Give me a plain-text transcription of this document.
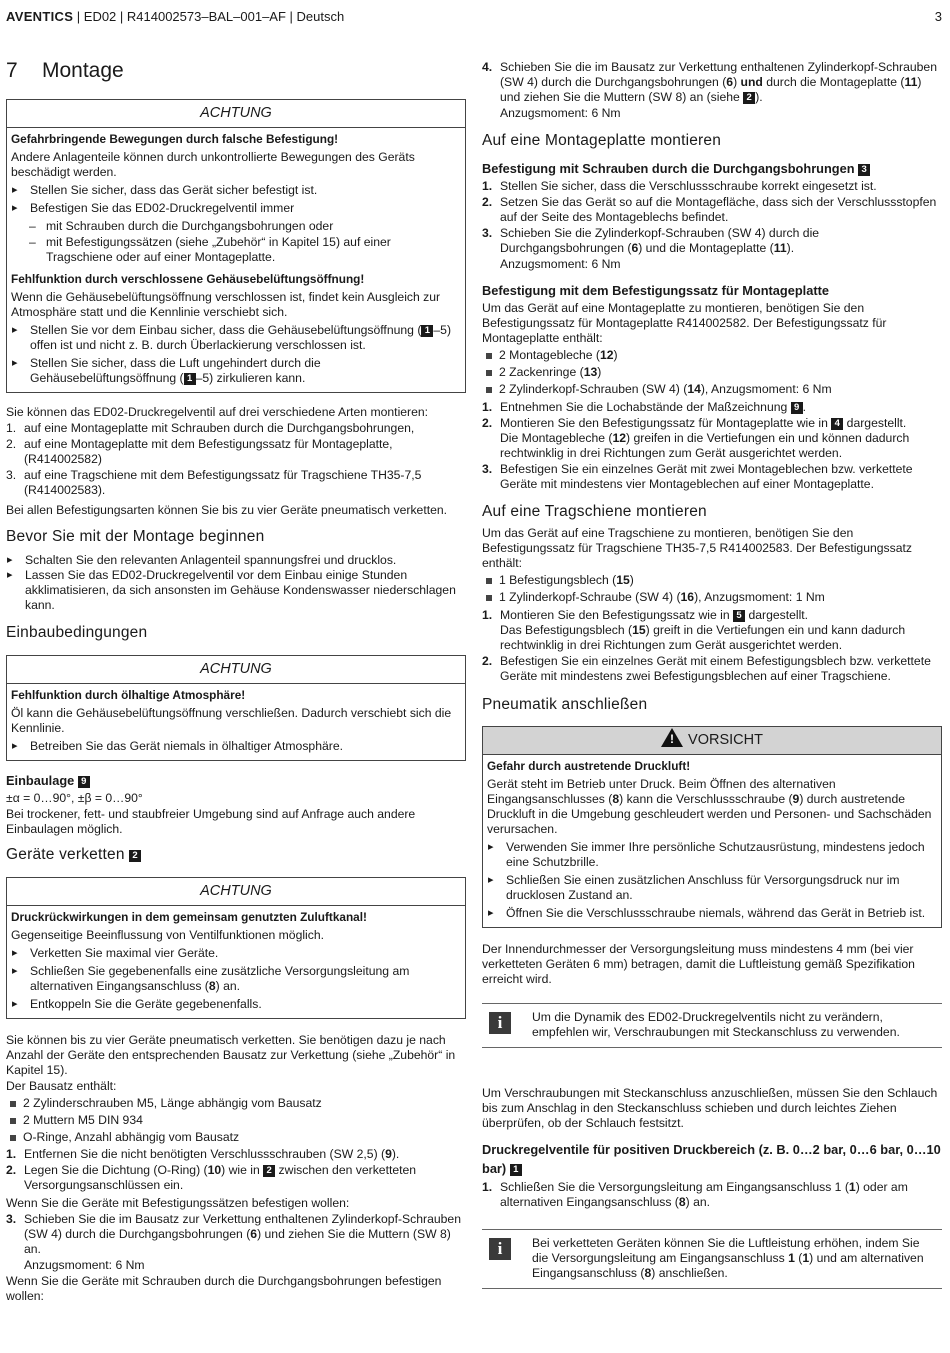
AVENTICS | ED02 | R414002573–BAL–001–AF | Deutsch	3
7 Montage
ACHTUNG

Gefahrbringende Bewegungen durch falsche Befestigung!

Andere Anlagenteile können durch unkontrollierte Bewegungen des Geräts beschädigt werden.

▸ Stellen Sie sicher, dass das Gerät sicher befestigt ist.
▸ Befestigen Sie das ED02-Druckregelventil immer
– mit Schrauben durch die Durchgangsbohrungen oder
– mit Befestigungssätzen (siehe „Zubehör“ in Kapitel 15) auf einer Tragschiene oder auf einer Montageplatte.

Fehlfunktion durch verschlossene Gehäusebelüftungsöffnung!

Wenn die Gehäusebelüftungsöffnung verschlossen ist, findet kein Ausgleich zur Atmosphäre statt und die Kennlinie verschiebt sich.

▸ Stellen Sie vor dem Einbau sicher, dass die Gehäusebelüftungsöffnung ( 1 –5) offen ist und nicht z. B. durch Überlackierung verschlossen ist.
▸ Stellen Sie sicher, dass die Luft ungehindert durch die Gehäusebelüftungsöffnung ( 1 –5) zirkulieren kann.

Sie können das ED02-Druckregelventil auf drei verschiedene Arten montieren:

1. auf eine Montageplatte mit Schrauben durch die Durchgangsbohrungen,
2. auf eine Montageplatte mit dem Befestigungssatz für Montageplatte, (R414002582)
3. auf eine Tragschiene mit dem Befestigungssatz für Tragschiene TH35-7,5 (R414002583).

Bei allen Befestigungsarten können Sie bis zu vier Geräte pneumatisch verketten.

Bevor Sie mit der Montage beginnen
▸ Schalten Sie den relevanten Anlagenteil spannungsfrei und drucklos.
▸ Lassen Sie das ED02-Druckregelventil vor dem Einbau einige Stunden akklimatisieren, da sich ansonsten im Gehäuse Kondenswasser niederschlagen kann.
Einbaubedingungen
ACHTUNG

Fehlfunktion durch ölhaltige Atmosphäre!

Öl kann die Gehäusebelüftungsöffnung verschließen. Dadurch verschiebt sich die Kennlinie.

▸ Betreiben Sie das Gerät niemals in ölhaltiger Atmosphäre.
Einbaulage 9

±α = 0…90°, ±β = 0…90°

Bei trockener, fett- und staubfreier Umgebung sind auf Anfrage auch andere Einbaulagen möglich.

Geräte verketten 2
ACHTUNG

Druckrückwirkungen in dem gemeinsam genutzten Zuluftkanal!

Gegenseitige Beeinflussung von Ventilfunktionen möglich.

▸ Verketten Sie maximal vier Geräte.
▸ Schließen Sie gegebenenfalls eine zusätzliche Versorgungsleitung am alternativen Eingangsanschluss (8) an.
▸ Entkoppeln Sie die Geräte gegebenenfalls.

Sie können bis zu vier Geräte pneumatisch verketten. Sie benötigen dazu je nach Anzahl der Geräte den entsprechenden Bausatz zur Verkettung (siehe „Zubehör“ in Kapitel 15).

Der Bausatz enthält:

2 Zylinderschrauben M5, Länge abhängig vom Bausatz
2 Muttern M5 DIN 934
O-Ringe, Anzahl abhängig vom Bausatz
1. Entfernen Sie die nicht benötigten Verschlussschrauben (SW 2,5) (9).
2. Legen Sie die Dichtung (O-Ring) (10) wie in 2 zwischen den verketteten Versorgungsanschlüssen ein.

Wenn Sie die Geräte mit Befestigungssätzen befestigen wollen:

3. Schieben Sie die im Bausatz zur Verkettung enthaltenen Zylinderkopf-Schrauben (SW 4) durch die Durchgangsbohrungen (6) und ziehen Sie die Muttern (SW 8) an.
Anzugsmoment: 6 Nm

Wenn Sie die Geräte mit Schrauben durch die Durchgangsbohrungen befestigen wollen:

4. Schieben Sie die im Bausatz zur Verkettung enthaltenen Zylinderkopf-Schrauben (SW 4) durch die Durchgangsbohrungen (6) und durch die Montageplatte (11) und ziehen Sie die Muttern (SW 8) an (siehe 2 ).
Anzugsmoment: 6 Nm
Auf eine Montageplatte montieren
Befestigung mit Schrauben durch die Durchgangsbohrungen 3
1. Stellen Sie sicher, dass die Verschlussschraube korrekt eingesetzt ist.
2. Setzen Sie das Gerät so auf die Montagefläche, dass sich der Verschlussstopfen auf der Seite des Montageblechs befindet.
3. Schieben Sie die Zylinderkopf-Schrauben (SW 4) durch die Durchgangsbohrungen (6) und die Montageplatte (11).
Anzugsmoment: 6 Nm
Befestigung mit dem Befestigungssatz für Montageplatte

Um das Gerät auf eine Montageplatte zu montieren, benötigen Sie den Befestigungssatz für Montageplatte R414002582. Der Befestigungssatz für Montageplatte enthält:

2 Montagebleche (12)
2 Zackenringe (13)
2 Zylinderkopf-Schrauben (SW 4) (14), Anzugsmoment: 6 Nm
1. Entnehmen Sie die Lochabstände der Maßzeichnung 9 .
2. Montieren Sie den Befestigungssatz für Montageplatte wie in 4 dargestellt.
Die Montagebleche (12) greifen in die Vertiefungen ein und können dadurch rechtwinklig in drei Richtungen zum Gerät ausgerichtet werden.
3. Befestigen Sie ein einzelnes Gerät mit zwei Montageblechen bzw. verkettete Geräte mit mindestens vier Montageblechen auf einer Montageplatte.
Auf eine Tragschiene montieren

Um das Gerät auf eine Tragschiene zu montieren, benötigen Sie den Befestigungssatz für Tragschiene TH35-7,5 R414002583. Der Befestigungssatz enthält:

1 Befestigungsblech (15)
1 Zylinderkopf-Schraube (SW 4) (16), Anzugsmoment: 1 Nm
1. Montieren Sie den Befestigungssatz wie in 5 dargestellt.
Das Befestigungsblech (15) greift in die Vertiefungen ein und kann dadurch rechtwinklig in drei Richtungen zum Gerät ausgerichtet werden.
2. Befestigen Sie ein einzelnes Gerät mit einem Befestigungsblech bzw. verkettete Geräte mit mindestens zwei Befestigungsblechen auf einer Tragschiene.
Pneumatik anschließen
! VORSICHT

Gefahr durch austretende Druckluft!

Gerät steht im Betrieb unter Druck. Beim Öffnen des alternativen Eingangsanschlusses (8) kann die Verschlussschraube (9) durch austretende Druckluft in die Umgebung geschleudert werden und Personen- und Sachschäden verursachen.

▸ Verwenden Sie immer Ihre persönliche Schutzausrüstung, mindestens jedoch eine Schutzbrille.
▸ Schließen Sie einen zusätzlichen Anschluss für Versorgungsdruck nur im drucklosen Zustand an.
▸ Öffnen Sie die Verschlussschraube niemals, während das Gerät in Betrieb ist.

Der Innendurchmesser der Versorgungsleitung muss mindestens 4 mm (bei vier verketteten Geräten 6 mm) betragen, damit die Luftleistung gemäß Spezifikation erreicht wird.

i	Um die Dynamik des ED02-Druckregelventils nicht zu verändern, empfehlen wir, Verschraubungen mit Steckanschluss zu verwenden.

Um Verschraubungen mit Steckanschluss anzuschließen, müssen Sie den Schlauch bis zum Anschlag in den Steckanschluss schieben und durch leichtes Ziehen überprüfen, ob der Schlauch festsitzt.

Druckregelventile für positiven Druckbereich (z. B. 0…2 bar, 0…6 bar, 0…10 bar) 1
1. Schließen Sie die Versorgungsleitung am Eingangsanschluss 1 (1) oder am alternativen Eingangsanschluss (8) an.
i	Bei verketteten Geräten können Sie die Luftleistung erhöhen, indem Sie die Versorgungsleitung am Eingangsanschluss 1 (1) und am alternativen Eingangsanschluss (8) anschließen.
